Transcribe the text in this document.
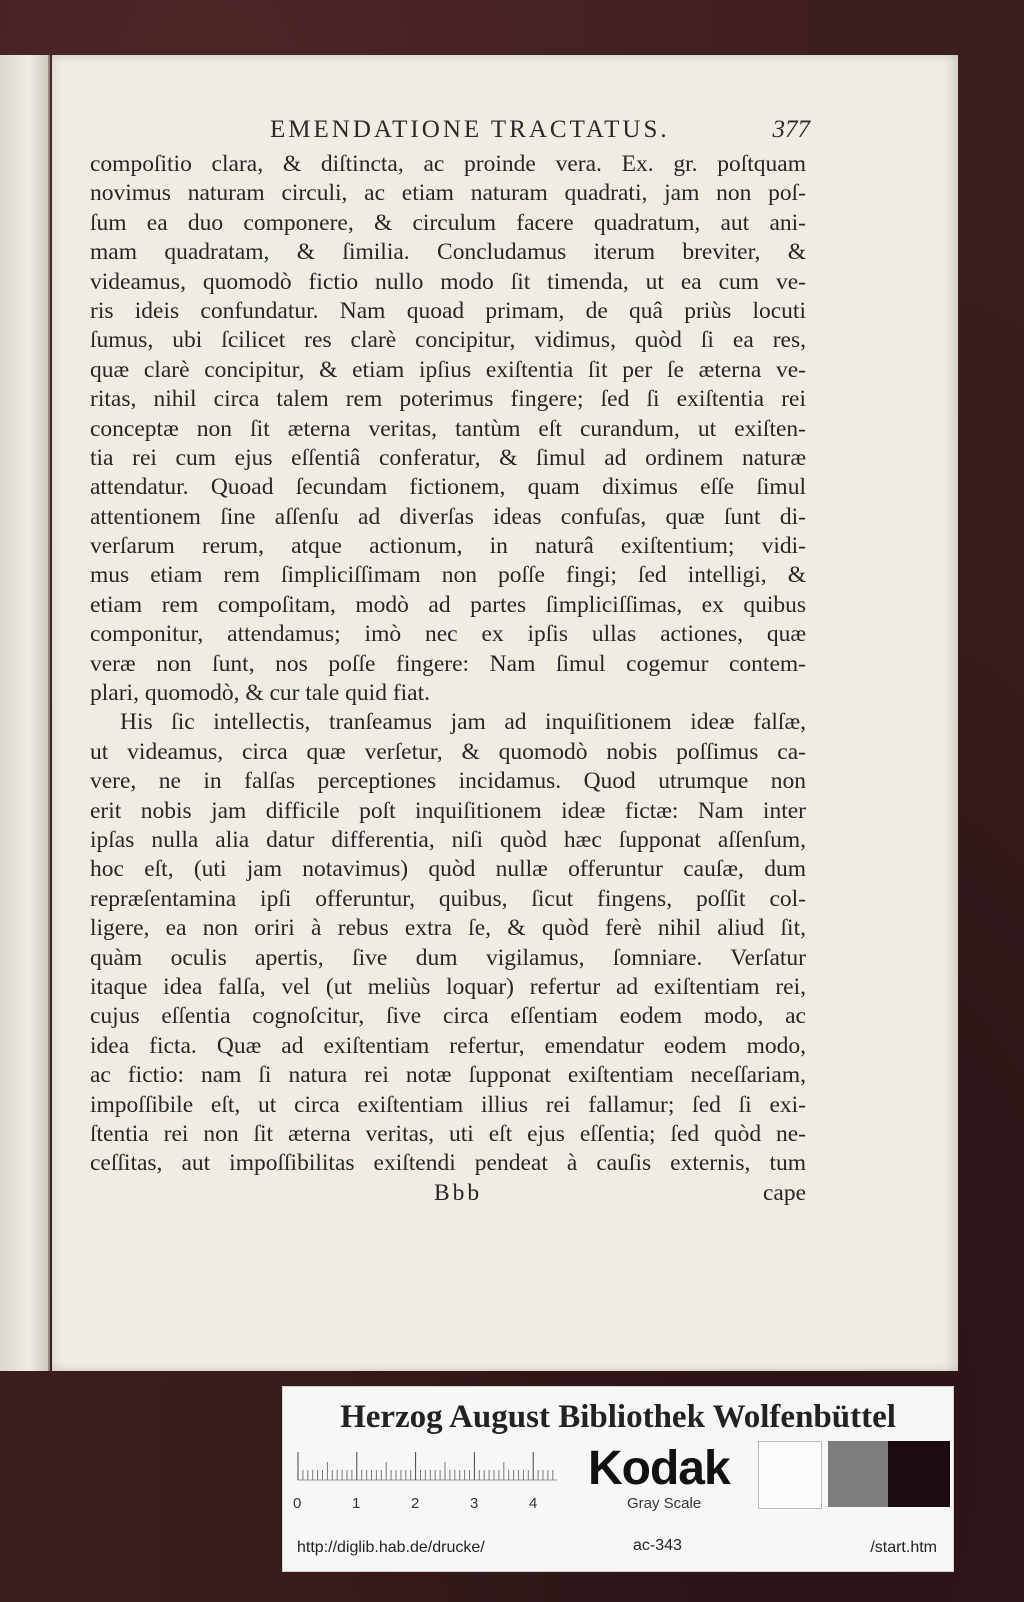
EMENDATIONE TRACTATUS.	377
compoſitio clara, & diſtincta, ac proinde vera. Ex. gr. poſtquam
novimus naturam circuli, ac etiam naturam quadrati, jam non poſ-
ſum ea duo componere, & circulum facere quadratum, aut ani-
mam quadratam, & ſimilia. Concludamus iterum breviter, &
videamus, quomodò fictio nullo modo ſit timenda, ut ea cum ve-
ris ideis confundatur. Nam quoad primam, de quâ priùs locuti
ſumus, ubi ſcilicet res clarè concipitur, vidimus, quòd ſi ea res,
quæ clarè concipitur, & etiam ipſius exiſtentia ſit per ſe æterna ve-
ritas, nihil circa talem rem poterimus fingere; ſed ſi exiſtentia rei
conceptæ non ſit æterna veritas, tantùm eſt curandum, ut exiſten-
tia rei cum ejus eſſentiâ conferatur, & ſimul ad ordinem naturæ
attendatur. Quoad ſecundam fictionem, quam diximus eſſe ſimul
attentionem ſine aſſenſu ad diverſas ideas confuſas, quæ ſunt di-
verſarum rerum, atque actionum, in naturâ exiſtentium; vidi-
mus etiam rem ſimpliciſſimam non poſſe fingi; ſed intelligi, &
etiam rem compoſitam, modò ad partes ſimpliciſſimas, ex quibus
componitur, attendamus; imò nec ex ipſis ullas actiones, quæ
veræ non ſunt, nos poſſe fingere: Nam ſimul cogemur contem-
plari, quomodò, & cur tale quid fiat.
His ſic intellectis, tranſeamus jam ad inquiſitionem ideæ falſæ,
ut videamus, circa quæ verſetur, & quomodò nobis poſſimus ca-
vere, ne in falſas perceptiones incidamus. Quod utrumque non
erit nobis jam difficile poſt inquiſitionem ideæ fictæ: Nam inter
ipſas nulla alia datur differentia, niſi quòd hæc ſupponat aſſenſum,
hoc eſt, (uti jam notavimus) quòd nullæ offeruntur cauſæ, dum
repræſentamina ipſi offeruntur, quibus, ſicut fingens, poſſit col-
ligere, ea non oriri à rebus extra ſe, & quòd ferè nihil aliud ſit,
quàm oculis apertis, ſive dum vigilamus, ſomniare. Verſatur
itaque idea falſa, vel (ut meliùs loquar) refertur ad exiſtentiam rei,
cujus eſſentia cognoſcitur, ſive circa eſſentiam eodem modo, ac
idea ficta. Quæ ad exiſtentiam refertur, emendatur eodem modo,
ac fictio: nam ſi natura rei notæ ſupponat exiſtentiam neceſſariam,
impoſſibile eſt, ut circa exiſtentiam illius rei fallamur; ſed ſi exi-
ſtentia rei non ſit æterna veritas, uti eſt ejus eſſentia; ſed quòd ne-
ceſſitas, aut impoſſibilitas exiſtendi pendeat à cauſis externis, tum
Bbb	cape
Herzog August Bibliothek Wolfenbüttel
0	1	2	3	4
Kodak
Gray Scale
http://diglib.hab.de/drucke/	ac-343	/start.htm
